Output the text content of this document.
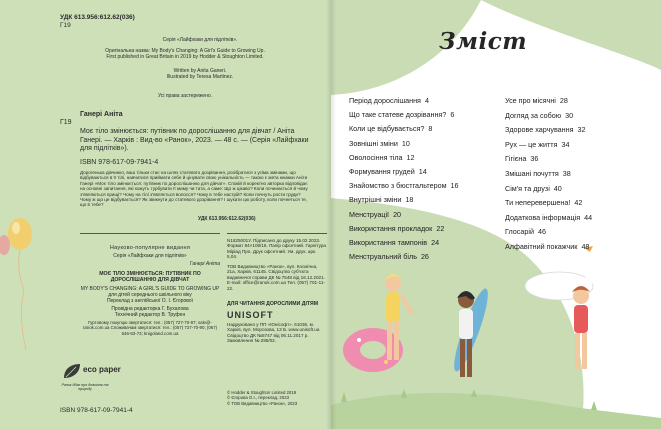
УДК 613.956:612.62(036)
Г19
Серія «Лайфхаки для підлітків».
Оригінальна назва: My Body's Changing: A Girl's Guide to Growing Up.
First published in Great Britain in 2019 by Hodder & Stoughton Limited.
Written by Anita Ganeri.
Illustrated by Teresa Martinez.
Усі права застережено.
Ганері Аніта
Г19
Моє тіло змінюється: путівник по дорослішанню для дівчат / Аніта Ганері. — Харків : Вид-во «Ранок», 2023. — 48 с. — (Серія «Лайфхаки для підлітків»).
ISBN 978-617-09-7941-4
Дорогенька дівчинко, ваш тільки стає на шлях статевого дозрівання, розібратися з усіма змінами, що відбуваються в її тілі, навчитися приймати себе й цінувати свою унікальність — такою є мета книжки Аніти Ганері «Моє тіло змінюється: путівник по дорослішанню для дівчат». Спокій й коректно авторка відповідає на основні запитання, які кожуть турбувати її маму чи тата, а саме: Що ж цікаво? Коли починається й чому з'являються прищі? Чому на тілі з'являється волосся? Чому в тебе настрій? Коли почнуть рости груди? Чому ж що це відбувається? Як звикнути до статевого дозрівання? І шукати цю роботу, коли почнеться те, що в тебе?
УДК 613.956:612.62(036)
Науково-популярне видання
Серія «Лайфхаки для підлітків»
Ганері Аніта
МОЄ ТІЛО ЗМІНЮЄТЬСЯ: ПУТІВНИК ПО ДОРОСЛІШАННЮ ДЛЯ ДІВЧАТ
MY BODY'S CHANGING: A GIRL'S GUIDE TO GROWING UP
для дітей середнього шкільного віку
Переклад з англійської О. І. Єгорової
Провідна редакторка Г. Бухалова
Технічний редактор В. Труфен
Гуртовому покупцю звертатися: тел.: (057) 727-70-97; sale@-ranok.com.ua Споживачам звертатися: тел.: (057) 727-70-90; (067) 546-53-73; knigoland.com.ua
eco paper
Ранок дбає про довкілля та природу
ISBN 978-617-09-7941-4
N1625001У. Підписано до друку 15.02.2023. Формат 84×108/16. Папір офсетний. Гарнітура Міріад Про. Друк офсетний. Ум. друк. арк. 5,04.
ТОВ Видавництво «Ранок», вул. Космічна, 21а, Харків, 61145. Свідоцтво суб'єкта видавничої справи ДК № 7548 від 16.12.2021. E-mail: office@ranok.com.ua Тел. (057) 701-11-22.
ДЛЯ ЧИТАННЯ ДОРОСЛИМИ ДІТЯМ
UNISOFT
Надруковано у ПП «Юнісофт». 61036, м. Харків, вул. Морозова, 13 Б. www.unisoft.ua Свідоцтво ДК №5747 від 06.11.2017 р. Замовлення № 295/02.
© Hodder & Stoughton Limited 2019
© Єгорова О.І., переклад, 2023
© ТОВ Видавництво «Ранок», 2023
Зміст
Період дорослішання 4
Що таке статеве дозрівання? 6
Коли це відбувається? 8
Зовнішні зміни 10
Оволосіння тіла 12
Формування грудей 14
Знайомство з бюстгальтером 16
Внутрішні зміни 18
Менструації 20
Використання прокладок 22
Використання тампонів 24
Менструальний біль 26
Усе про місячні 28
Догляд за собою 30
Здорове харчування 32
Рух — це життя 34
Гігієна 36
Змішані почуття 38
Сім'я та друзі 40
Ти неперевершена! 42
Додаткова інформація 44
Глосарій 46
Алфавітний покажчик 48
